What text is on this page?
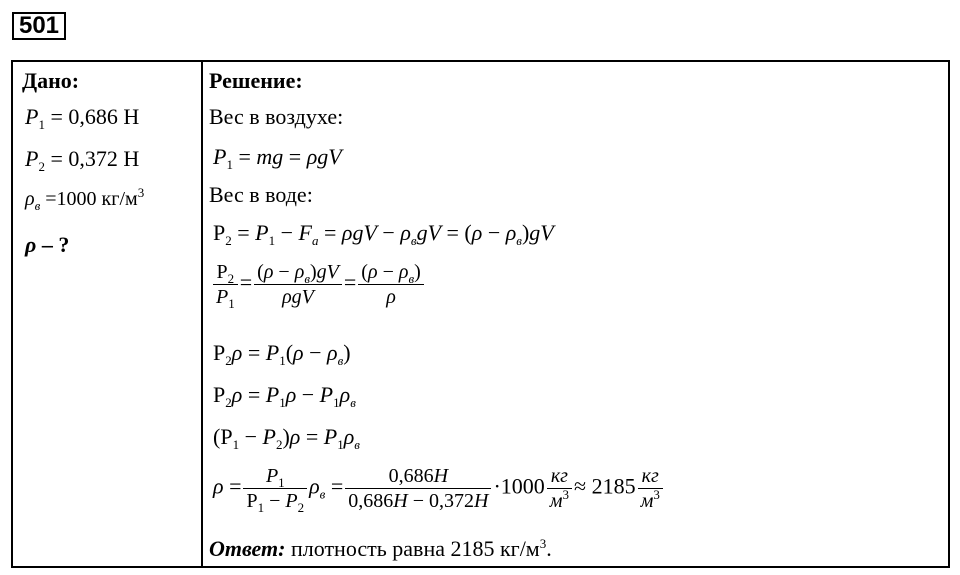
501
Дано:
$P_1 = 0,686$ Н
$P_2 = 0,372$ Н
$\rho_в =1000$ $кг/м^3$
ρ – ?
Решение:
Вес в воздухе:
$P_1$ = mg = ρgV
Вес в воде:
$P_2 = P_1 - F_a = \rho gV - \rho_вgV = (\rho - \rho_в)gV$
$\frac{P_2}{P_1} = \frac{(\rho - \rho_в)gV}{\text{ρgV}} = \frac{(\rho - \rho_в)}{\rho}$
$P_2\rho = P_1(\rho - \rho_в)$
$P_2\rho = P_1\rho - P_1\rho_в$
$(P_1 - P_2)\rho = P_1\rho_в$
$\rho = \frac{P_1}{P_1 - P_2} \rho_в = \frac{0,686Н}{0,686Н - 0,372Н} \cdot 1000 \frac{кг}{м^3} \approx 2185 \frac{кг}{м^3}$
Ответ: плотность равна 2185 $кг/м^3$.
